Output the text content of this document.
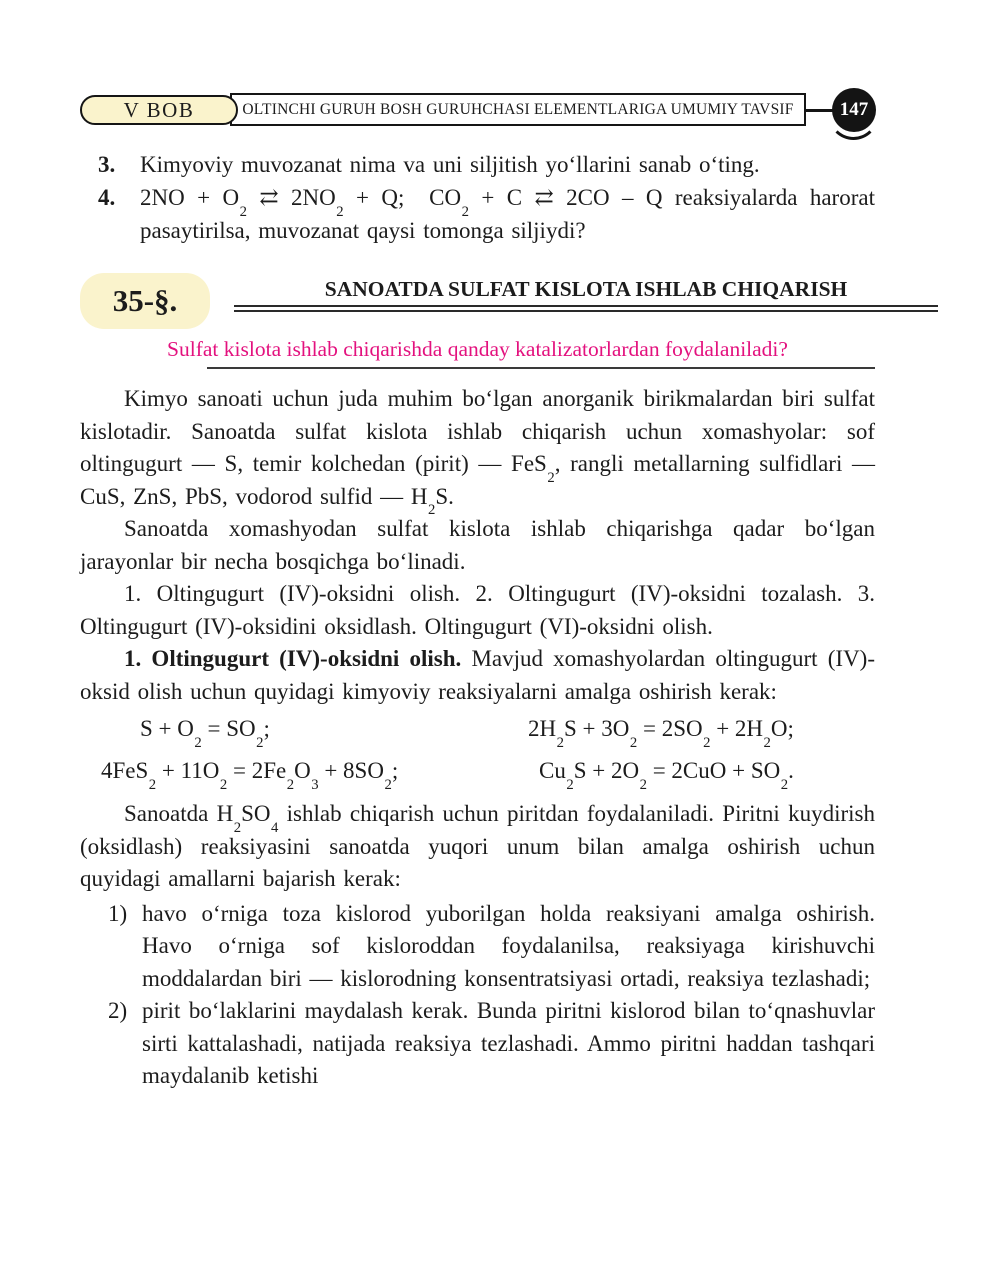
OLTINCHI GURUH BOSH GURUHCHASI ELEMENTLARIGA UMUMIY TAVSIF
V BOB	147
3.	Kimyoviy muvozanat nima va uni siljitish yo‘llarini sanab o‘ting.
4.	$2NO + O_2$ ⇄ $2NO_2 + Q$;  $CO_2 + C$ ⇄ 2CO – Q reaksiyalarda harorat pasaytirilsa, muvozanat qaysi tomonga siljiydi?
35-§.	SANOATDA SULFAT KISLOTA ISHLAB CHIQARISH
Sulfat kislota ishlab chiqarishda qanday katalizatorlardan foydalaniladi?

Kimyo sanoati uchun juda muhim bo‘lgan anorganik birikmalardan biri sulfat kislotadir. Sanoatda sulfat kislota ishlab chiqarish uchun xomashyolar: sof oltingugurt — S, temir kolchedan (pirit) — FeS$_2$, rangli metallarning sulfidlari — CuS, ZnS, PbS, vodorod sulfid — $H_2S$.

Sanoatda xomashyodan sulfat kislota ishlab chiqarishga qadar bo‘lgan jarayonlar bir necha bosqichga bo‘linadi.

1. Oltingugurt (IV)-oksidni olish. 2. Oltingugurt (IV)-oksidni tozalash. 3. Oltingugurt (IV)-oksidini oksidlash. Oltingugurt (VI)-oksidni olish.

1. Oltingugurt (IV)-oksidni olish. Mavjud xomashyolardan oltingugurt (IV)-oksid olish uchun quyidagi kimyoviy reaksiyalarni amalga oshirish kerak:

$S + O_2 = SO_2$;	$2H_2S + 3O_2 = 2SO_2 + 2H_2O$;
$4FeS_2 + 11O_2 = 2Fe_2O_3 + 8SO_2$;	$Cu_2S + 2O_2 = 2CuO + SO_2$.

Sanoatda $H_2SO_4$ ishlab chiqarish uchun piritdan foydalaniladi. Piritni kuydirish (oksidlash) reaksiyasini sanoatda yuqori unum bilan amalga oshirish uchun quyidagi amallarni bajarish kerak:

1) havo o‘rniga toza kislorod yuborilgan holda reaksiyani amalga oshirish. Havo o‘rniga sof kisloroddan foydalanilsa, reaksiyaga kirishuvchi moddalardan biri — kislorodning konsentratsiyasi ortadi, reaksiya tezlashadi;
2) pirit bo‘laklarini maydalash kerak. Bunda piritni kislorod bilan to‘qnashuvlar sirti kattalashadi, natijada reaksiya tezlashadi. Ammo piritni haddan tashqari maydalanib ketishi
